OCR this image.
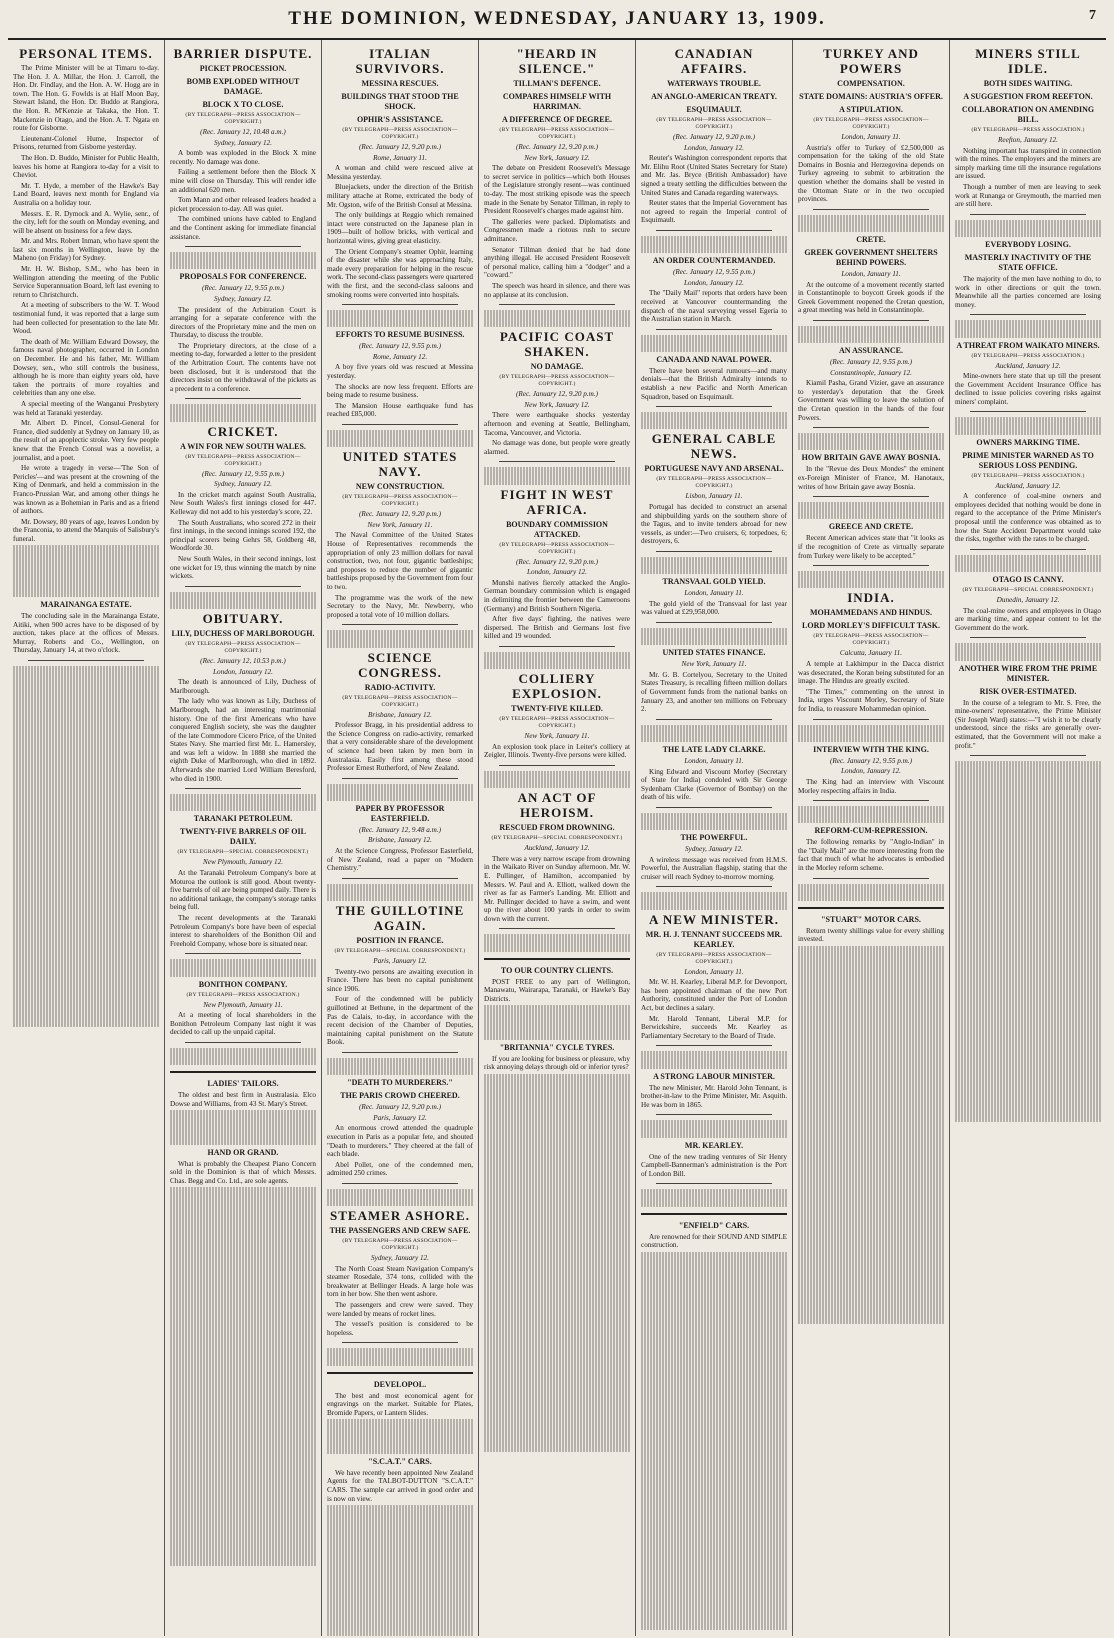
THE DOMINION, WEDNESDAY, JANUARY 13, 1909.	7
PERSONAL ITEMS.

The Prime Minister will be at Timaru to-day. The Hon. J. A. Millar, the Hon. J. Carroll, the Hon. Dr. Findlay, and the Hon. A. W. Hogg are in town. The Hon. G. Fowlds is at Half Moon Bay, Stewart Island, the Hon. Dr. Buddo at Rangiora, the Hon. R. M'Kenzie at Takaka, the Hon. T. Mackenzie in Otago, and the Hon. A. T. Ngata en route for Gisborne.

Lieutenant-Colonel Hume, Inspector of Prisons, returned from Gisborne yesterday.

The Hon. D. Buddo, Minister for Public Health, leaves his home at Rangiora to-day for a visit to Cheviot.

Mr. T. Hyde, a member of the Hawke's Bay Land Board, leaves next month for England via Australia on a holiday tour.

Messrs. E. R. Dymock and A. Wylie, senr., of the city, left for the south on Monday evening, and will be absent on business for a few days.

Mr. and Mrs. Robert Inman, who have spent the last six months in Wellington, leave by the Maheno (on Friday) for Sydney.

Mr. H. W. Bishop, S.M., who has been in Wellington attending the meeting of the Public Service Superannuation Board, left last evening to return to Christchurch.

At a meeting of subscribers to the W. T. Wood testimonial fund, it was reported that a large sum had been collected for presentation to the late Mr. Wood.

The death of Mr. William Edward Dowsey, the famous naval photographer, occurred in London on December. He and his father, Mr. William Dowsey, sen., who still controls the business, although he is more than eighty years old, have taken the portraits of more royalties and celebrities than any one else.

A special meeting of the Wanganui Presbytery was held at Taranaki yesterday.

Mr. Albert D. Pincel, Consul-General for France, died suddenly at Sydney on January 10, as the result of an apoplectic stroke. Very few people knew that the French Consul was a novelist, a journalist, and a poet.

He wrote a tragedy in verse—'The Son of Pericles'—and was present at the crowning of the King of Denmark, and held a commission in the Franco-Prussian War, and among other things he was known as a Bohemian in Paris and as a friend of authors.

Mr. Dowsey, 80 years of age, leaves London by the Franconia, to attend the Marquis of Salisbury's funeral.

MARAINANGA ESTATE.

The concluding sale in the Marainanga Estate, Aitiki, when 900 acres have to be disposed of by auction, takes place at the offices of Messrs. Murray, Roberts and Co., Wellington, on Thursday, January 14, at two o'clock.

BARRIER DISPUTE.
PICKET PROCESSION.
BOMB EXPLODED WITHOUT DAMAGE.
BLOCK X TO CLOSE.
(BY TELEGRAPH—PRESS ASSOCIATION—COPYRIGHT.)
(Rec. January 12, 10.48 a.m.)
Sydney, January 12.

A bomb was exploded in the Block X mine recently. No damage was done.

Failing a settlement before then the Block X mine will close on Thursday. This will render idle an additional 620 men.

Tom Mann and other released leaders headed a picket procession to-day. All was quiet.

The combined unions have cabled to England and the Continent asking for immediate financial assistance.

PROPOSALS FOR CONFERENCE.
(Rec. January 12, 9.55 p.m.)
Sydney, January 12.

The president of the Arbitration Court is arranging for a separate conference with the directors of the Proprietary mine and the men on Thursday, to discuss the trouble.

The Proprietary directors, at the close of a meeting to-day, forwarded a letter to the president of the Arbitration Court. The contents have not been disclosed, but it is understood that the directors insist on the withdrawal of the pickets as a precedent to a conference.

CRICKET.
A WIN FOR NEW SOUTH WALES.
(BY TELEGRAPH—PRESS ASSOCIATION—COPYRIGHT.)
(Rec. January 12, 9.55 p.m.)
Sydney, January 12.

In the cricket match against South Australia, New South Wales's first innings closed for 447. Kelleway did not add to his yesterday's score, 22.

The South Australians, who scored 272 in their first innings, in the second innings scored 192, the principal scorers being Gehrs 58, Goldberg 48, Woodforde 30.

New South Wales, in their second innings, lost one wicket for 19, thus winning the match by nine wickets.

OBITUARY.
LILY, DUCHESS OF MARLBOROUGH.
(BY TELEGRAPH—PRESS ASSOCIATION—COPYRIGHT.)
(Rec. January 12, 10.53 p.m.)
London, January 12.

The death is announced of Lily, Duchess of Marlborough.

The lady who was known as Lily, Duchess of Marlborough, had an interesting matrimonial history. One of the first Americans who have conquered English society, she was the daughter of the late Commodore Cicero Price, of the United States Navy. She married first Mr. L. Hamersley, and was left a widow. In 1888 she married the eighth Duke of Marlborough, who died in 1892. Afterwards she married Lord William Beresford, who died in 1900.

TARANAKI PETROLEUM.
TWENTY-FIVE BARRELS OF OIL DAILY.
(BY TELEGRAPH—SPECIAL CORRESPONDENT.)
New Plymouth, January 12.

At the Taranaki Petroleum Company's bore at Moturoa the outlook is still good. About twenty-five barrels of oil are being pumped daily. There is no additional tankage, the company's storage tanks being full.

The recent developments at the Taranaki Petroleum Company's bore have been of especial interest to shareholders of the Bonithon Oil and Freehold Company, whose bore is situated near.

BONITHON COMPANY.
(BY TELEGRAPH—PRESS ASSOCIATION.)
New Plymouth, January 11.

At a meeting of local shareholders in the Bonithon Petroleum Company last night it was decided to call up the unpaid capital.

LADIES' TAILORS.

The oldest and best firm in Australasia. Elco Dowse and Williams, from 43 St. Mary's Street.

HAND OR GRAND.

What is probably the Cheapest Piano Concern sold in the Dominion is that of which Messrs. Chas. Begg and Co. Ltd., are sole agents.

ITALIAN SURVIVORS.
MESSINA RESCUES.
BUILDINGS THAT STOOD THE SHOCK.
OPHIR'S ASSISTANCE.
(BY TELEGRAPH—PRESS ASSOCIATION—COPYRIGHT.)
(Rec. January 12, 9.20 p.m.)
Rome, January 11.

A woman and child were rescued alive at Messina yesterday.

Bluejackets, under the direction of the British military attache at Rome, extricated the body of Mr. Ogston, wife of the British Consul at Messina.

The only buildings at Reggio which remained intact were constructed on the Japanese plan in 1909—built of hollow bricks, with vertical and horizontal wires, giving great elasticity.

The Orient Company's steamer Ophir, learning of the disaster while she was approaching Italy, made every preparation for helping in the rescue work. The second-class passengers were quartered with the first, and the second-class saloons and smoking rooms were converted into hospitals.

EFFORTS TO RESUME BUSINESS.
(Rec. January 12, 9.55 p.m.)
Rome, January 12.

A boy five years old was rescued at Messina yesterday.

The shocks are now less frequent. Efforts are being made to resume business.

The Mansion House earthquake fund has reached £85,000.

UNITED STATES NAVY.
NEW CONSTRUCTION.
(BY TELEGRAPH—PRESS ASSOCIATION—COPYRIGHT.)
(Rec. January 12, 9.20 p.m.)
New York, January 11.

The Naval Committee of the United States House of Representatives recommends the appropriation of only 23 million dollars for naval construction, two, not four, gigantic battleships; and proposes to reduce the number of gigantic battleships proposed by the Government from four to two.

The programme was the work of the new Secretary to the Navy, Mr. Newberry, who proposed a total vote of 10 million dollars.

SCIENCE CONGRESS.
RADIO-ACTIVITY.
(BY TELEGRAPH—PRESS ASSOCIATION—COPYRIGHT.)
Brisbane, January 12.

Professor Bragg, in his presidential address to the Science Congress on radio-activity, remarked that a very considerable share of the development of science had been taken by men born in Australasia. Easily first among these stood Professor Ernest Rutherford, of New Zealand.

PAPER BY PROFESSOR EASTERFIELD.
(Rec. January 12, 9.48 a.m.)
Brisbane, January 12.

At the Science Congress, Professor Easterfield, of New Zealand, read a paper on "Modern Chemistry."

THE GUILLOTINE AGAIN.
POSITION IN FRANCE.
(BY TELEGRAPH—SPECIAL CORRESPONDENT.)
Paris, January 12.

Twenty-two persons are awaiting execution in France. There has been no capital punishment since 1906.

Four of the condemned will be publicly guillotined at Bethune, in the department of the Pas de Calais, to-day, in accordance with the recent decision of the Chamber of Deputies, maintaining capital punishment on the Statute Book.

"DEATH TO MURDERERS."
THE PARIS CROWD CHEERED.
(Rec. January 12, 9.20 p.m.)
Paris, January 12.

An enormous crowd attended the quadruple execution in Paris as a popular fete, and shouted "Death to murderers." They cheered at the fall of each blade.

Abel Pollet, one of the condemned men, admitted 250 crimes.

STEAMER ASHORE.
THE PASSENGERS AND CREW SAFE.
(BY TELEGRAPH—PRESS ASSOCIATION—COPYRIGHT.)
Sydney, January 12.

The North Coast Steam Navigation Company's steamer Rosedale, 374 tons, collided with the breakwater at Bellinger Heads. A large hole was torn in her bow. She then went ashore.

The passengers and crew were saved. They were landed by means of rocket lines.

The vessel's position is considered to be hopeless.

DEVELOPOL.

The best and most economical agent for engravings on the market. Suitable for Plates, Bromide Papers, or Lantern Slides.

"S.C.A.T." CARS.

We have recently been appointed New Zealand Agents for the TALBOT-DUTTON "S.C.A.T." CARS. The sample car arrived in good order and is now on view.

"HEARD IN SILENCE."
TILLMAN'S DEFENCE.
COMPARES HIMSELF WITH HARRIMAN.
A DIFFERENCE OF DEGREE.
(BY TELEGRAPH—PRESS ASSOCIATION—COPYRIGHT.)
(Rec. January 12, 9.20 p.m.)
New York, January 12.

The debate on President Roosevelt's Message to secret service in politics—which both Houses of the Legislature strongly resent—was continued to-day. The most striking episode was the speech made in the Senate by Senator Tillman, in reply to President Roosevelt's charges made against him.

The galleries were packed. Diplomatists and Congressmen made a riotous rush to secure admittance.

Senator Tillman denied that he had done anything illegal. He accused President Roosevelt of personal malice, calling him a "dodger" and a "coward."

The speech was heard in silence, and there was no applause at its conclusion.

PACIFIC COAST SHAKEN.
NO DAMAGE.
(BY TELEGRAPH—PRESS ASSOCIATION—COPYRIGHT.)
(Rec. January 12, 9.20 p.m.)
New York, January 12.

There were earthquake shocks yesterday afternoon and evening at Seattle, Bellingham, Tacoma, Vancouver, and Victoria.

No damage was done, but people were greatly alarmed.

FIGHT IN WEST AFRICA.
BOUNDARY COMMISSION ATTACKED.
(BY TELEGRAPH—PRESS ASSOCIATION—COPYRIGHT.)
(Rec. January 12, 9.20 p.m.)
London, January 12.

Munshi natives fiercely attacked the Anglo-German boundary commission which is engaged in delimiting the frontier between the Cameroons (Germany) and British Southern Nigeria.

After five days' fighting, the natives were dispersed. The British and Germans lost five killed and 19 wounded.

COLLIERY EXPLOSION.
TWENTY-FIVE KILLED.
(BY TELEGRAPH—PRESS ASSOCIATION—COPYRIGHT.)
New York, January 11.

An explosion took place in Leiter's colliery at Zeigler, Illinois. Twenty-five persons were killed.

AN ACT OF HEROISM.
RESCUED FROM DROWNING.
(BY TELEGRAPH—SPECIAL CORRESPONDENT.)
Auckland, January 12.

There was a very narrow escape from drowning in the Waikato River on Sunday afternoon. Mr. W. E. Pullinger, of Hamilton, accompanied by Messrs. W. Paul and A. Elliott, walked down the river as far as Farmer's Landing. Mr. Elliott and Mr. Pullinger decided to have a swim, and went up the river about 100 yards in order to swim down with the current.

TO OUR COUNTRY CLIENTS.

POST FREE to any part of Wellington, Manawatu, Wairarapa, Taranaki, or Hawke's Bay Districts.

"BRITANNIA" CYCLE TYRES.

If you are looking for business or pleasure, why risk annoying delays through old or inferior tyres?

CANADIAN AFFAIRS.
WATERWAYS TROUBLE.
AN ANGLO-AMERICAN TREATY.
ESQUIMAULT.
(BY TELEGRAPH—PRESS ASSOCIATION—COPYRIGHT.)
(Rec. January 12, 9.20 p.m.)
London, January 12.

Reuter's Washington correspondent reports that Mr. Elihu Root (United States Secretary for State) and Mr. Jas. Bryce (British Ambassador) have signed a treaty settling the difficulties between the United States and Canada regarding waterways.

Reuter states that the Imperial Government has not agreed to regain the Imperial control of Esquimault.

AN ORDER COUNTERMANDED.
(Rec. January 12, 9.55 p.m.)
London, January 12.

The "Daily Mail" reports that orders have been received at Vancouver countermanding the dispatch of the naval surveying vessel Egeria to the Australian station in March.

CANADA AND NAVAL POWER.

There have been several rumours—and many denials—that the British Admiralty intends to establish a new Pacific and North American Squadron, based on Esquimault.

GENERAL CABLE NEWS.
PORTUGUESE NAVY AND ARSENAL.
(BY TELEGRAPH—PRESS ASSOCIATION—COPYRIGHT.)
Lisbon, January 11.

Portugal has decided to construct an arsenal and shipbuilding yards on the southern shore of the Tagus, and to invite tenders abroad for new vessels, as under:—Two cruisers, 6; torpedoes, 6; destroyers, 6.

TRANSVAAL GOLD YIELD.
London, January 11.

The gold yield of the Transvaal for last year was valued at £29,958,000.

UNITED STATES FINANCE.
New York, January 11.

Mr. G. B. Cortelyou, Secretary to the United States Treasury, is recalling fifteen million dollars of Government funds from the national banks on January 23, and another ten millions on February 2.

THE LATE LADY CLARKE.
London, January 11.

King Edward and Viscount Morley (Secretary of State for India) condoled with Sir George Sydenham Clarke (Governor of Bombay) on the death of his wife.

THE POWERFUL.
Sydney, January 12.

A wireless message was received from H.M.S. Powerful, the Australian flagship, stating that the cruiser will reach Sydney to-morrow morning.

A NEW MINISTER.
MR. H. J. TENNANT SUCCEEDS MR. KEARLEY.
(BY TELEGRAPH—PRESS ASSOCIATION—COPYRIGHT.)
London, January 11.

Mr. W. H. Kearley, Liberal M.P. for Devonport, has been appointed chairman of the new Port Authority, constituted under the Port of London Act, but declines a salary.

Mr. Harold Tennant, Liberal M.P. for Berwickshire, succeeds Mr. Kearley as Parliamentary Secretary to the Board of Trade.

A STRONG LABOUR MINISTER.

The new Minister, Mr. Harold John Tennant, is brother-in-law to the Prime Minister, Mr. Asquith. He was born in 1865.

MR. KEARLEY.

One of the new trading ventures of Sir Henry Campbell-Bannerman's administration is the Port of London Bill.

"ENFIELD" CARS.

Are renowned for their SOUND AND SIMPLE construction.

TURKEY AND POWERS
COMPENSATION.
STATE DOMAINS: AUSTRIA'S OFFER.
A STIPULATION.
(BY TELEGRAPH—PRESS ASSOCIATION—COPYRIGHT.)
London, January 11.

Austria's offer to Turkey of £2,500,000 as compensation for the taking of the old State Domains in Bosnia and Herzegovina depends on Turkey agreeing to submit to arbitration the question whether the domains shall be vested in the Ottoman State or in the two occupied provinces.

CRETE.
GREEK GOVERNMENT SHELTERS BEHIND POWERS.
London, January 11.

At the outcome of a movement recently started in Constantinople to boycott Greek goods if the Greek Government reopened the Cretan question, a great meeting was held in Constantinople.

AN ASSURANCE.
(Rec. January 12, 9.55 p.m.)
Constantinople, January 12.

Kiamil Pasha, Grand Vizier, gave an assurance to yesterday's deputation that the Greek Government was willing to leave the solution of the Cretan question in the hands of the four Powers.

HOW BRITAIN GAVE AWAY BOSNIA.

In the "Revue des Deux Mondes" the eminent ex-Foreign Minister of France, M. Hanotaux, writes of how Britain gave away Bosnia.

GREECE AND CRETE.

Recent American advices state that "it looks as if the recognition of Crete as virtually separate from Turkey were likely to be accepted."

INDIA.
MOHAMMEDANS AND HINDUS.
LORD MORLEY'S DIFFICULT TASK.
(BY TELEGRAPH—PRESS ASSOCIATION—COPYRIGHT.)
Calcutta, January 11.

A temple at Lakhimpur in the Dacca district was desecrated, the Koran being substituted for an image. The Hindus are greatly excited.

"The Times," commenting on the unrest in India, urges Viscount Morley, Secretary of State for India, to reassure Mohammedan opinion.

INTERVIEW WITH THE KING.
(Rec. January 12, 9.55 p.m.)
London, January 12.

The King had an interview with Viscount Morley respecting affairs in India.

REFORM-CUM-REPRESSION.

The following remarks by "Anglo-Indian" in the "Daily Mail" are the more interesting from the fact that much of what he advocates is embodied in the Morley reform scheme.

"STUART" MOTOR CARS.

Return twenty shillings value for every shilling invested.

MINERS STILL IDLE.
BOTH SIDES WAITING.
A SUGGESTION FROM REEFTON.
COLLABORATION ON AMENDING BILL.
(BY TELEGRAPH—PRESS ASSOCIATION.)
Reefton, January 12.

Nothing important has transpired in connection with the mines. The employers and the miners are simply marking time till the insurance regulations are issued.

Though a number of men are leaving to seek work at Runanga or Greymouth, the married men are still here.

EVERYBODY LOSING.
MASTERLY INACTIVITY OF THE STATE OFFICE.

The majority of the men have nothing to do, to work in other directions or quit the town. Meanwhile all the parties concerned are losing money.

A THREAT FROM WAIKATO MINERS.
(BY TELEGRAPH—PRESS ASSOCIATION.)
Auckland, January 12.

Mine-owners here state that up till the present the Government Accident Insurance Office has declined to issue policies covering risks against miners' complaint.

OWNERS MARKING TIME.
PRIME MINISTER WARNED AS TO SERIOUS LOSS PENDING.
(BY TELEGRAPH—PRESS ASSOCIATION.)
Auckland, January 12.

A conference of coal-mine owners and employees decided that nothing would be done in regard to the acceptance of the Prime Minister's proposal until the conference was obtained as to how the State Accident Department would take the risks, together with the rates to be charged.

OTAGO IS CANNY.
(BY TELEGRAPH—SPECIAL CORRESPONDENT.)
Dunedin, January 12.

The coal-mine owners and employees in Otago are marking time, and appear content to let the Government do the work.

ANOTHER WIRE FROM THE PRIME MINISTER.
RISK OVER-ESTIMATED.

In the course of a telegram to Mr. S. Free, the mine-owners' representative, the Prime Minister (Sir Joseph Ward) states:—"I wish it to be clearly understood, since the risks are generally over-estimated, that the Government will not make a profit."
